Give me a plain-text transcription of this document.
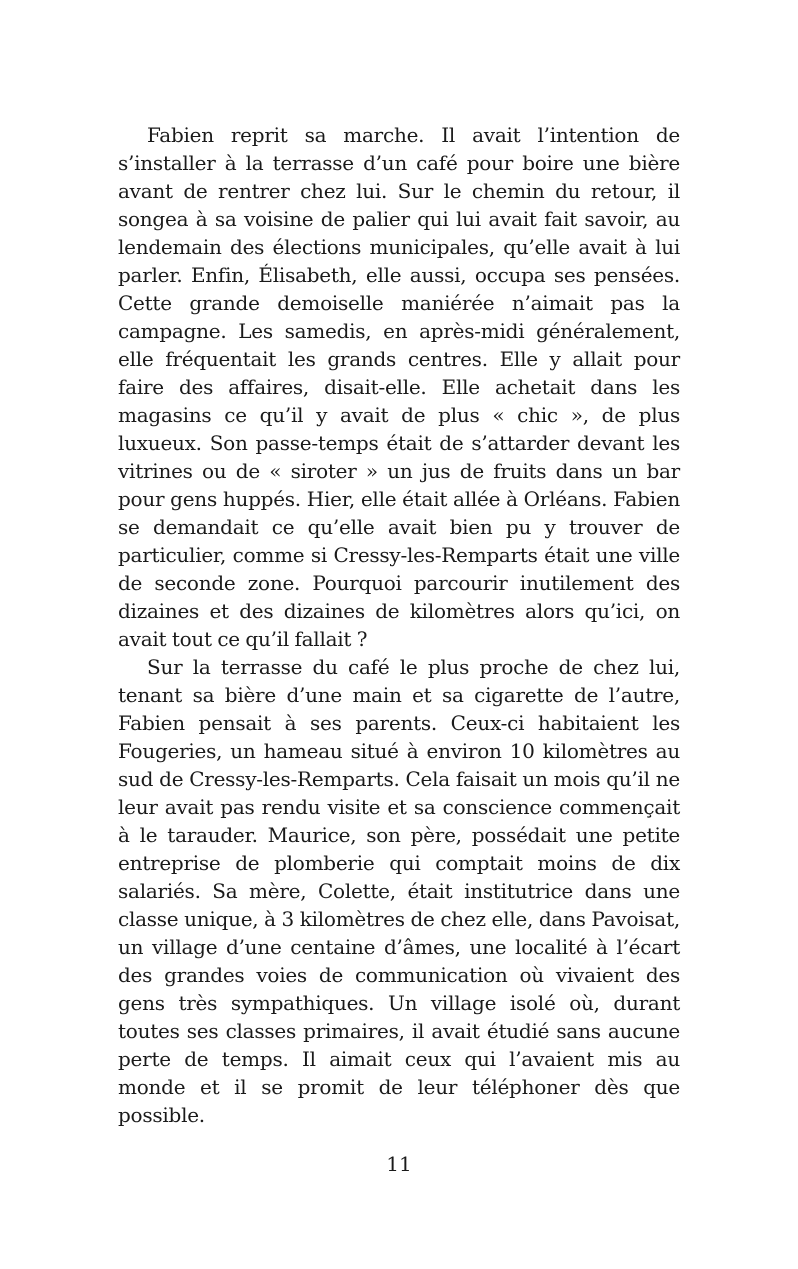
Fabien reprit sa marche. Il avait l’intention de s’installer à la terrasse d’un café pour boire une bière avant de rentrer chez lui. Sur le chemin du retour, il songea à sa voisine de palier qui lui avait fait savoir, au lendemain des élections municipales, qu’elle avait à lui parler. Enfin, Élisabeth, elle aussi, occupa ses pensées. Cette grande demoiselle maniérée n’aimait pas la campagne. Les samedis, en après-midi généralement, elle fréquentait les grands centres. Elle y allait pour faire des affaires, disait-elle. Elle achetait dans les magasins ce qu’il y avait de plus « chic », de plus luxueux. Son passe-temps était de s’attarder devant les vitrines ou de « siroter » un jus de fruits dans un bar pour gens huppés. Hier, elle était allée à Orléans. Fabien se demandait ce qu’elle avait bien pu y trouver de particulier, comme si Cressy-les-Remparts était une ville de seconde zone. Pourquoi parcourir inutilement des dizaines et des dizaines de kilomètres alors qu’ici, on avait tout ce qu’il fallait ?

Sur la terrasse du café le plus proche de chez lui, tenant sa bière d’une main et sa cigarette de l’autre, Fabien pensait à ses parents. Ceux-ci habitaient les Fougeries, un hameau situé à environ 10 kilomètres au sud de Cressy-les-Remparts. Cela faisait un mois qu’il ne leur avait pas rendu visite et sa conscience commençait à le tarauder. Maurice, son père, possédait une petite entreprise de plomberie qui comptait moins de dix salariés. Sa mère, Colette, était institutrice dans une classe unique, à 3 kilomètres de chez elle, dans Pavoisat, un village d’une centaine d’âmes, une localité à l’écart des grandes voies de communication où vivaient des gens très sympathiques. Un village isolé où, durant toutes ses classes primaires, il avait étudié sans aucune perte de temps. Il aimait ceux qui l’avaient mis au monde et il se promit de leur téléphoner dès que possible.

11
